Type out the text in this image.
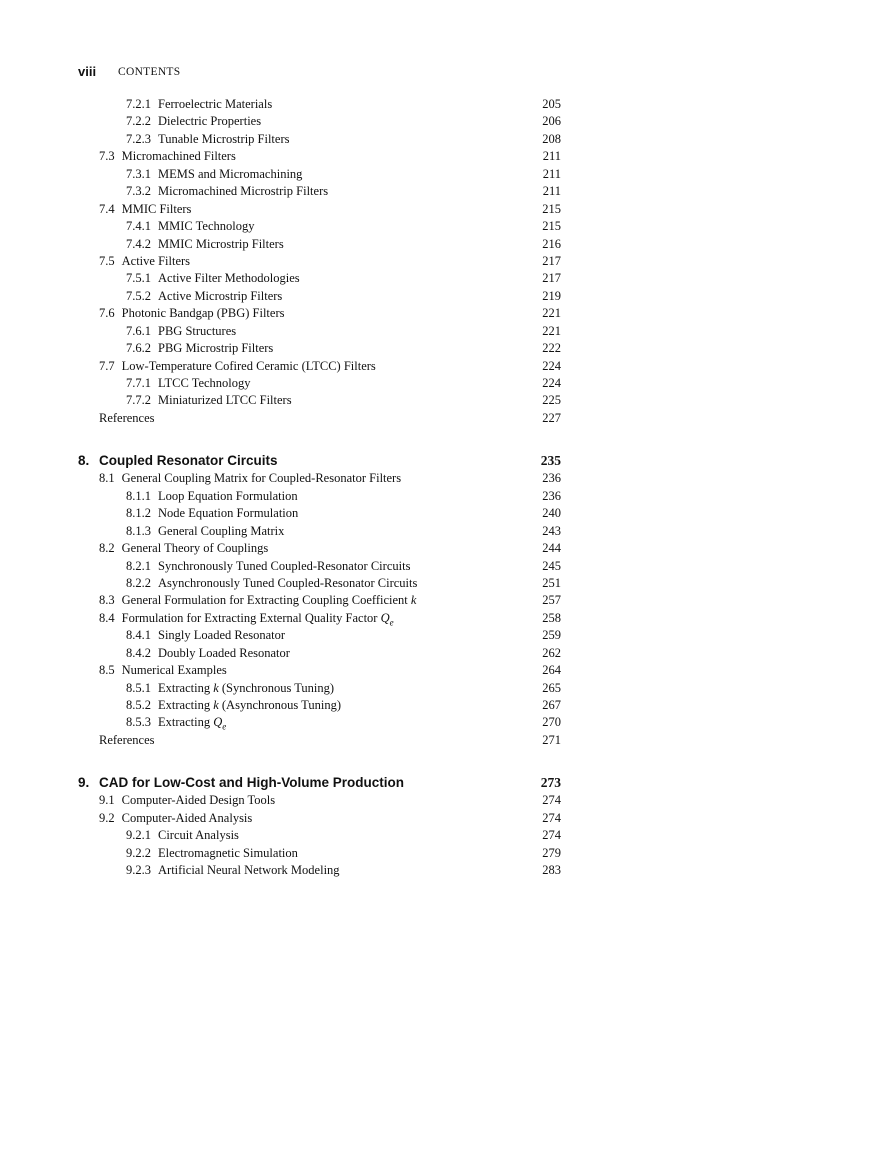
viii CONTENTS
7.2.1 Ferroelectric Materials	205
7.2.2 Dielectric Properties	206
7.2.3 Tunable Microstrip Filters	208
7.3 Micromachined Filters	211
7.3.1 MEMS and Micromachining	211
7.3.2 Micromachined Microstrip Filters	211
7.4 MMIC Filters	215
7.4.1 MMIC Technology	215
7.4.2 MMIC Microstrip Filters	216
7.5 Active Filters	217
7.5.1 Active Filter Methodologies	217
7.5.2 Active Microstrip Filters	219
7.6 Photonic Bandgap (PBG) Filters	221
7.6.1 PBG Structures	221
7.6.2 PBG Microstrip Filters	222
7.7 Low-Temperature Cofired Ceramic (LTCC) Filters	224
7.7.1 LTCC Technology	224
7.7.2 Miniaturized LTCC Filters	225
References	227
8. Coupled Resonator Circuits	235
8.1 General Coupling Matrix for Coupled-Resonator Filters	236
8.1.1 Loop Equation Formulation	236
8.1.2 Node Equation Formulation	240
8.1.3 General Coupling Matrix	243
8.2 General Theory of Couplings	244
8.2.1 Synchronously Tuned Coupled-Resonator Circuits	245
8.2.2 Asynchronously Tuned Coupled-Resonator Circuits	251
8.3 General Formulation for Extracting Coupling Coefficient k	257
8.4 Formulation for Extracting External Quality Factor $Q_e$	258
8.4.1 Singly Loaded Resonator	259
8.4.2 Doubly Loaded Resonator	262
8.5 Numerical Examples	264
8.5.1 Extracting k (Synchronous Tuning)	265
8.5.2 Extracting k (Asynchronous Tuning)	267
8.5.3 Extracting $Q_e$	270
References	271
9. CAD for Low-Cost and High-Volume Production	273
9.1 Computer-Aided Design Tools	274
9.2 Computer-Aided Analysis	274
9.2.1 Circuit Analysis	274
9.2.2 Electromagnetic Simulation	279
9.2.3 Artificial Neural Network Modeling	283
